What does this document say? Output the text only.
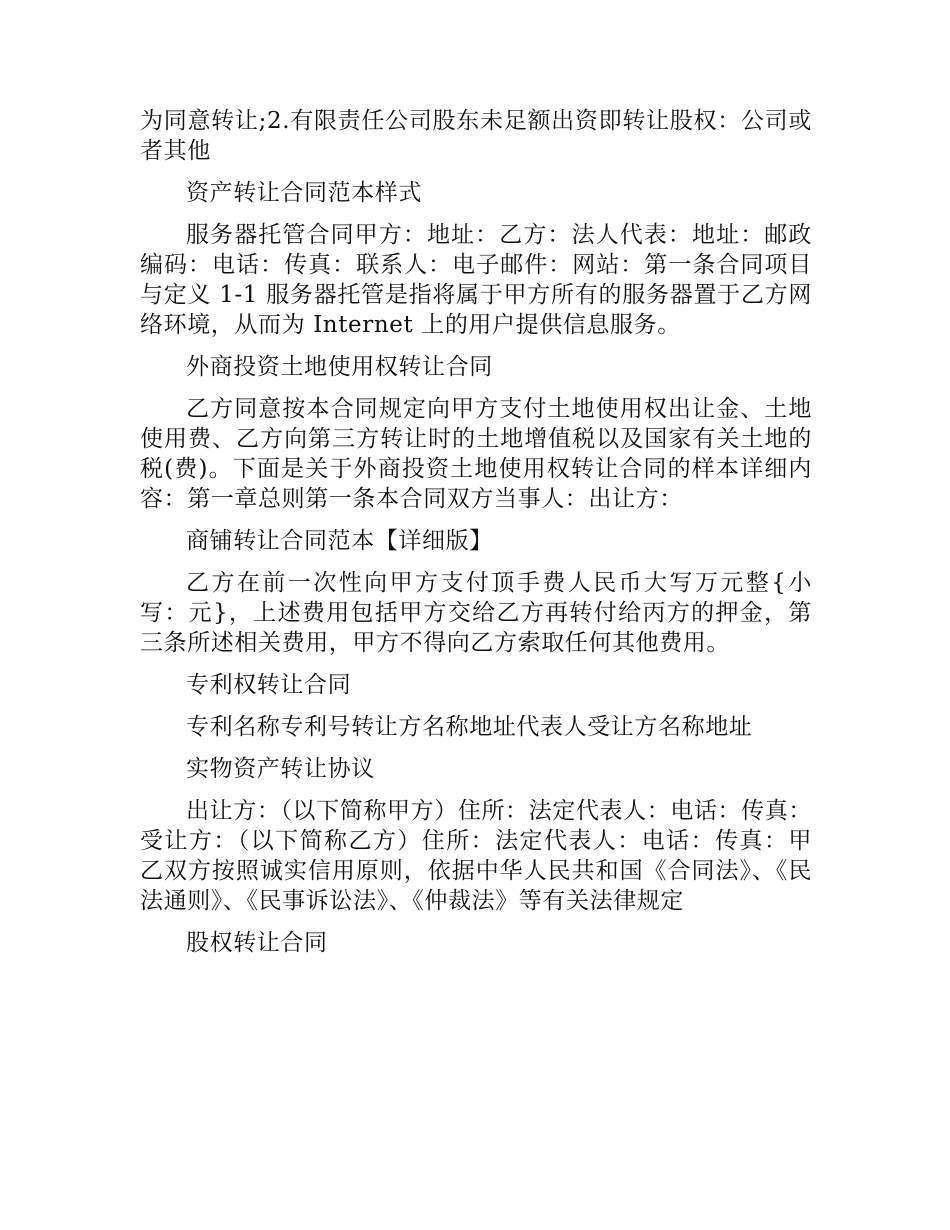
为同意转让;2.有限责任公司股东未足额出资即转让股权：公司或者其他

资产转让合同范本样式

服务器托管合同甲方：地址：乙方：法人代表：地址：邮政编码：电话：传真：联系人：电子邮件：网站：第一条合同项目与定义 1-1 服务器托管是指将属于甲方所有的服务器置于乙方网络环境，从而为 Internet 上的用户提供信息服务。

外商投资土地使用权转让合同

乙方同意按本合同规定向甲方支付土地使用权出让金、土地使用费、乙方向第三方转让时的土地增值税以及国家有关土地的税(费)。下面是关于外商投资土地使用权转让合同的样本详细内容：第一章总则第一条本合同双方当事人：出让方：

商铺转让合同范本【详细版】

乙方在前一次性向甲方支付顶手费人民币大写万元整{小写：元}，上述费用包括甲方交给乙方再转付给丙方的押金，第三条所述相关费用，甲方不得向乙方索取任何其他费用。

专利权转让合同

专利名称专利号转让方名称地址代表人受让方名称地址

实物资产转让协议

出让方：（以下简称甲方）住所：法定代表人：电话：传真：受让方：（以下简称乙方）住所：法定代表人：电话：传真：甲乙双方按照诚实信用原则，依据中华人民共和国《合同法》、《民法通则》、《民事诉讼法》、《仲裁法》等有关法律规定

股权转让合同
